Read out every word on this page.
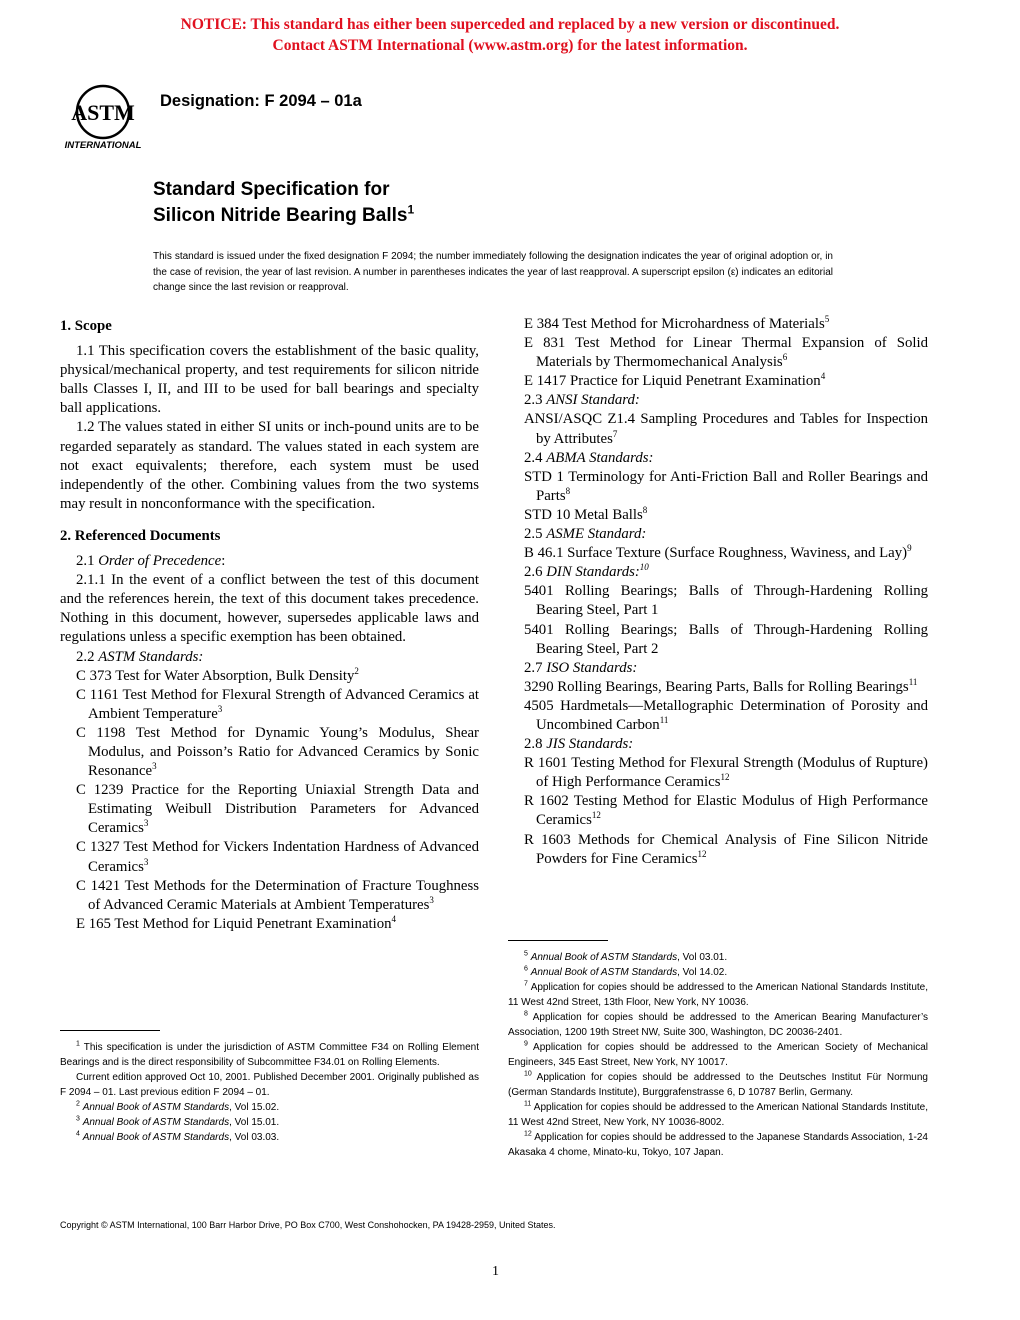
NOTICE: This standard has either been superceded and replaced by a new version or discontinued.
Contact ASTM International (www.astm.org) for the latest information.
ASTM
INTERNATIONAL
Designation: F 2094 – 01a
Standard Specification for
Silicon Nitride Bearing Balls$^1$
This standard is issued under the fixed designation F 2094; the number immediately following the designation indicates the year of original adoption or, in the case of revision, the year of last revision. A number in parentheses indicates the year of last reapproval. A superscript epsilon (ε) indicates an editorial change since the last revision or reapproval.
1. Scope

1.1 This specification covers the establishment of the basic quality, physical/mechanical property, and test requirements for silicon nitride balls Classes I, II, and III to be used for ball bearings and specialty ball applications.

1.2 The values stated in either SI units or inch-pound units are to be regarded separately as standard. The values stated in each system are not exact equivalents; therefore, each system must be used independently of the other. Combining values from the two systems may result in nonconformance with the specification.

2. Referenced Documents

2.1 Order of Precedence:

2.1.1 In the event of a conflict between the test of this document and the references herein, the text of this document takes precedence. Nothing in this document, however, supersedes applicable laws and regulations unless a specific exemption has been obtained.

2.2 ASTM Standards:

C 373 Test for Water Absorption, Bulk Density$^2$

C 1161 Test Method for Flexural Strength of Advanced Ceramics at Ambient Temperature$^3$

C 1198 Test Method for Dynamic Young’s Modulus, Shear Modulus, and Poisson’s Ratio for Advanced Ceramics by Sonic Resonance$^3$

C 1239 Practice for the Reporting Uniaxial Strength Data and Estimating Weibull Distribution Parameters for Advanced Ceramics$^3$

C 1327 Test Method for Vickers Indentation Hardness of Advanced Ceramics$^3$

C 1421 Test Methods for the Determination of Fracture Toughness of Advanced Ceramic Materials at Ambient Temperatures$^3$

E 165 Test Method for Liquid Penetrant Examination$^4$

E 384 Test Method for Microhardness of Materials$^5$

E 831 Test Method for Linear Thermal Expansion of Solid Materials by Thermomechanical Analysis$^6$

E 1417 Practice for Liquid Penetrant Examination$^4$

2.3 ANSI Standard:

ANSI/ASQC Z1.4 Sampling Procedures and Tables for Inspection by Attributes$^7$

2.4 ABMA Standards:

STD 1 Terminology for Anti-Friction Ball and Roller Bearings and Parts$^8$

STD 10 Metal Balls$^8$

2.5 ASME Standard:

B 46.1 Surface Texture (Surface Roughness, Waviness, and Lay)$^9$

2.6 DIN Standards:$^{10}$

5401 Rolling Bearings; Balls of Through-Hardening Rolling Bearing Steel, Part 1

5401 Rolling Bearings; Balls of Through-Hardening Rolling Bearing Steel, Part 2

2.7 ISO Standards:

3290 Rolling Bearings, Bearing Parts, Balls for Rolling Bearings$^{11}$

4505 Hardmetals—Metallographic Determination of Porosity and Uncombined Carbon$^{11}$

2.8 JIS Standards:

R 1601 Testing Method for Flexural Strength (Modulus of Rupture) of High Performance Ceramics$^{12}$

R 1602 Testing Method for Elastic Modulus of High Performance Ceramics$^{12}$

R 1603 Methods for Chemical Analysis of Fine Silicon Nitride Powders for Fine Ceramics$^{12}$

$^1$ This specification is under the jurisdiction of ASTM Committee F34 on Rolling Element Bearings and is the direct responsibility of Subcommittee F34.01 on Rolling Elements.

Current edition approved Oct 10, 2001. Published December 2001. Originally published as F 2094 – 01. Last previous edition F 2094 – 01.

$^2$ Annual Book of ASTM Standards, Vol 15.02.

$^3$ Annual Book of ASTM Standards, Vol 15.01.

$^4$ Annual Book of ASTM Standards, Vol 03.03.

$^5$ Annual Book of ASTM Standards, Vol 03.01.

$^6$ Annual Book of ASTM Standards, Vol 14.02.

$^7$ Application for copies should be addressed to the American National Standards Institute, 11 West 42nd Street, 13th Floor, New York, NY 10036.

$^8$ Application for copies should be addressed to the American Bearing Manufacturer’s Association, 1200 19th Street NW, Suite 300, Washington, DC 20036-2401.

$^9$ Application for copies should be addressed to the American Society of Mechanical Engineers, 345 East Street, New York, NY 10017.

$^{10}$ Application for copies should be addressed to the Deutsches Institut Für Normung (German Standards Institute), Burggrafenstrasse 6, D 10787 Berlin, Germany.

$^{11}$ Application for copies should be addressed to the American National Standards Institute, 11 West 42nd Street, New York, NY 10036-8002.

$^{12}$ Application for copies should be addressed to the Japanese Standards Association, 1-24 Akasaka 4 chome, Minato-ku, Tokyo, 107 Japan.

Copyright © ASTM International, 100 Barr Harbor Drive, PO Box C700, West Conshohocken, PA 19428-2959, United States.
1
